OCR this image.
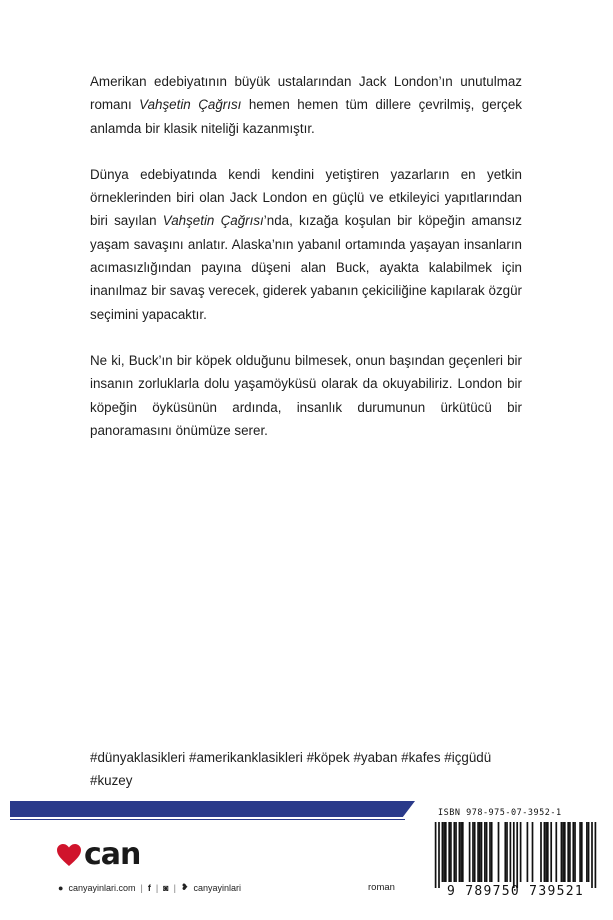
Amerikan edebiyatının büyük ustalarından Jack London’ın unutulmaz romanı Vahşetin Çağrısı hemen hemen tüm dillere çevrilmiş, gerçek anlamda bir klasik niteliği kazanmıştır.

Dünya edebiyatında kendi kendini yetiştiren yazarların en yetkin örneklerinden biri olan Jack London en güçlü ve etkileyici yapıtlarından biri sayılan Vahşetin Çağrısı’nda, kızağa koşulan bir köpeğin amansız yaşam savaşını anlatır. Alaska’nın yabanıl ortamında yaşayan insanların acımasızlığından payına düşeni alan Buck, ayakta kalabilmek için inanılmaz bir savaş verecek, giderek yabanın çekiciliğine kapılarak özgür seçimini yapacaktır.

Ne ki, Buck’ın bir köpek olduğunu bilmesek, onun başından geçenleri bir insanın zorluklarla dolu yaşamöyküsü olarak da okuyabiliriz. London bir köpeğin öyküsünün ardında, insanlık durumunun ürkütücü bir panoramasını önümüze serer.

#dünyaklasikleri #amerikanklasikleri #köpek #yaban #kafes #içgüdü #kuzey
can
● canyayinlari.com | f | ◙ | ❥ canyayinlari	roman
ISBN 978-975-07-3952-1
9 789750 739521
